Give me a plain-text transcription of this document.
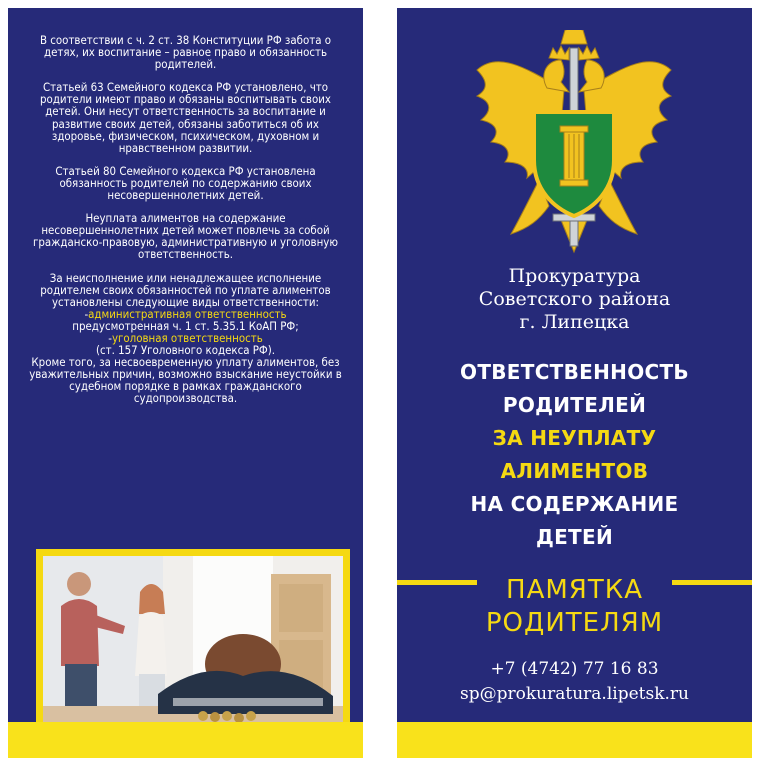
В соответствии с ч. 2 ст. 38 Конституции РФ забота о детях, их воспитание – равное право и обязанность родителей.

Статьей 63 Семейного кодекса РФ установлено, что родители имеют право и обязаны воспитывать своих детей. Они несут ответственность за воспитание и развитие своих детей, обязаны заботиться об их здоровье, физическом, психическом, духовном и нравственном развитии.

Статьей 80 Семейного кодекса РФ установлена обязанность родителей по содержанию своих несовершеннолетних детей.

Неуплата алиментов на содержание несовершеннолетних детей может повлечь за собой гражданско-правовую, административную и уголовную ответственность.

За неисполнение или ненадлежащее исполнение родителем своих обязанностей по уплате алиментов установлены следующие виды ответственности:

-административная ответственность
предусмотренная ч. 1 ст. 5.35.1 КоАП РФ;
-уголовная ответственность
(ст. 157 Уголовного кодекса РФ).
Кроме того, за несвоевременную уплату алиментов, без уважительных причин, возможно взыскание неустойки в судебном порядке в рамках гражданского судопроизводства.
Прокуратура
Советского района
г. Липецка
ОТВЕТСТВЕННОСТЬ
РОДИТЕЛЕЙ
ЗА НЕУПЛАТУ
АЛИМЕНТОВ
НА СОДЕРЖАНИЕ
ДЕТЕЙ
ПАМЯТКА
РОДИТЕЛЯМ
+7 (4742) 77 16 83
sp@prokuratura.lipetsk.ru
